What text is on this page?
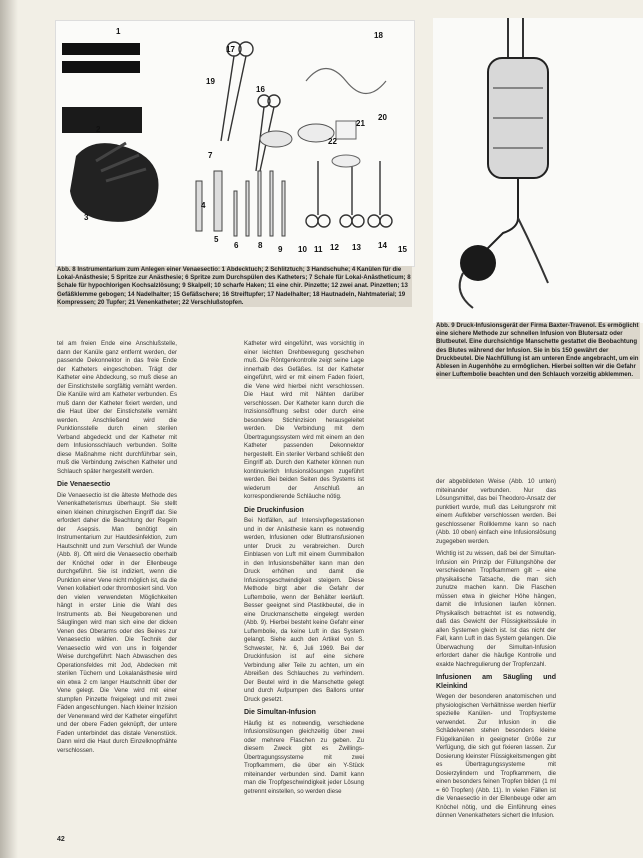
1
2
3
4
5
6
7
8 9 10 11 12 13 14 15
16
17
18
19
20
21
22
Abb. 8 Instrumentarium zum Anlegen einer Venaesectio: 1 Abdecktuch; 2 Schlitztuch; 3 Handschuhe; 4 Kanülen für die Lokal-Anästhesie; 5 Spritze zur Anästhesie; 6 Spritze zum Durchspülen des Katheters; 7 Schale für Lokal-Anästheticum; 8 Schale für hypochlorigen Kochsalzlösung; 9 Skalpell; 10 scharfe Haken; 11 eine chir. Pinzette; 12 zwei anat. Pinzetten; 13 Gefäßklemme gebogen; 14 Nadelhalter; 15 Gefäßschere; 16 Streiftupfer; 17 Nadelhalter; 18 Hautnadeln, Nahtmaterial; 19 Kompressen; 20 Tupfer; 21 Venenkatheter; 22 Verschlußstopfen.
Abb. 9 Druck-Infusionsgerät der Firma Baxter-Travenol. Es ermöglicht eine sichere Methode zur schnellen Infusion von Blutersatz oder Blutbeutel. Eine durchsichtige Manschette gestattet die Beobachtung des Blutes während der Infusion. Sie in bis 150 gewährt der Druckbeutel. Die Nachfüllung ist am unteren Ende angebracht, um ein Ablesen in Augenhöhe zu ermöglichen. Hierbei sollten wir die Gefahr einer Luftembolie beachten und den Schlauch vorzeitig abklemmen.

tel am freien Ende eine Anschlußstelle, dann der Kanüle ganz entfernt werden, der passende Dekonnektor in das freie Ende der Katheters eingeschoben. Trägt der Katheter eine Abdeckung, so muß diese an der Einstichstelle sorgfältig vernäht werden. Die Kanüle wird am Katheter verbunden. Es muß dann der Katheter fixiert werden, und die Haut über der Einstichstelle vernäht werden. Anschließend wird die Punktionsstelle durch einen sterilen Verband abgedeckt und der Katheter mit dem Infusionsschlauch verbunden. Sollte diese Maßnahme nicht durchführbar sein, muß die Verbindung zwischen Katheter und Schlauch später hergestellt werden.

Die Venaesectio

Die Venaesectio ist die älteste Methode des Venenkatheterismus überhaupt. Sie stellt einen kleinen chirurgischen Eingriff dar. Sie erfordert daher die Beachtung der Regeln der Asepsis. Man benötigt ein Instrumentarium zur Hautdesinfektion, zum Hautschnitt und zum Verschluß der Wunde (Abb. 8). Oft wird die Venaesectio oberhalb der Knöchel oder in der Ellenbeuge durchgeführt. Sie ist indiziert, wenn die Punktion einer Vene nicht möglich ist, da die Venen kollabiert oder thrombosiert sind. Von den vielen verwendeten Möglichkeiten hängt in erster Linie die Wahl des Instruments ab. Bei Neugeborenen und Säuglingen wird man sich eine der dicken Venen des Oberarms oder des Beines zur Venaesectio wählen. Die Technik der Venaesectio wird von uns in folgender Weise durchgeführt: Nach Abwaschen des Operationsfeldes mit Jod, Abdecken mit sterilen Tüchern und Lokalanästhesie wird ein etwa 2 cm langer Hautschnitt über der Vene gelegt. Die Vene wird mit einer stumpfen Pinzette freigelegt und mit zwei Fäden angeschlungen. Nach kleiner Inzision der Venenwand wird der Katheter eingeführt und der obere Faden geknüpft, der untere Faden unterbindet das distale Venenstück. Dann wird die Haut durch Einzelknopfnähte verschlossen.

Katheter wird eingeführt, was vorsichtig in einer leichten Drehbewegung geschehen muß. Die Röntgenkontrolle zeigt seine Lage innerhalb des Gefäßes. Ist der Katheter eingeführt, wird er mit einem Faden fixiert, die Vene wird hierbei nicht verschlossen. Die Haut wird mit Nähten darüber verschlossen. Der Katheter kann durch die Inzisionsöffnung selbst oder durch eine besondere Stichinzision herausgeleitet werden. Die Verbindung mit dem Übertragungssystem wird mit einem an den Katheter passenden Dekonnektor hergestellt. Ein steriler Verband schließt den Eingriff ab. Durch den Katheter können nun kontinuierlich Infusionslösungen zugeführt werden. Bei beiden Seiten des Systems ist wiederum der Anschluß an korrespondierende Schläuche nötig.

Die Druckinfusion

Bei Notfällen, auf Intensivpflegestationen und in der Anästhesie kann es notwendig werden, Infusionen oder Bluttransfusionen unter Druck zu verabreichen. Durch Einblasen von Luft mit einem Gummiballon in den Infusionsbehälter kann man den Druck erhöhen und damit die Infusionsgeschwindigkeit steigern. Diese Methode birgt aber die Gefahr der Luftembolie, wenn der Behälter leerläuft. Besser geeignet sind Plastikbeutel, die in eine Druckmanschette eingelegt werden (Abb. 9). Hierbei besteht keine Gefahr einer Luftembolie, da keine Luft in das System gelangt. Siehe auch den Artikel von S. Schwester, Nr. 6, Juli 1969. Bei der Druckinfusion ist auf eine sichere Verbindung aller Teile zu achten, um ein Abreißen des Schlauches zu verhindern. Der Beutel wird in die Manschette gelegt und durch Aufpumpen des Ballons unter Druck gesetzt.

Die Simultan-Infusion

Häufig ist es notwendig, verschiedene Infusionslösungen gleichzeitig über zwei oder mehrere Flaschen zu geben. Zu diesem Zweck gibt es Zwillings-Übertragungssysteme mit zwei Tropfkammern, die über ein Y-Stück miteinander verbunden sind. Damit kann man die Tropfgeschwindigkeit jeder Lösung getrennt einstellen, so werden diese

der abgebildeten Weise (Abb. 10 unten) miteinander verbunden. Nur das Lösungsmittel, das bei Theodoro-Ansatz der punktiert wurde, muß das Leitungsrohr mit einem Aufkleber verschlossen werden. Bei geschlossener Rollklemme kann so nach (Abb. 10 oben) einfach eine Infusionslösung zugegeben werden.

Wichtig ist zu wissen, daß bei der Simultan-Infusion ein Prinzip der Füllungshöhe der verschiedenen Tropfkammern gilt – eine physikalische Tatsache, die man sich zunutze machen kann. Die Flaschen müssen etwa in gleicher Höhe hängen, damit die Infusionen laufen können. Physikalisch betrachtet ist es notwendig, daß das Gewicht der Flüssigkeitssäule in allen Systemen gleich ist. Ist das nicht der Fall, kann Luft in das System gelangen. Die Überwachung der Simultan-Infusion erfordert daher die häufige Kontrolle und exakte Nachregulierung der Tropfenzahl.

Infusionen am Säugling und Kleinkind

Wegen der besonderen anatomischen und physiologischen Verhältnisse werden hierfür spezielle Kanülen- und Tropfsysteme verwendet. Zur Infusion in die Schädelvenen stehen besonders kleine Flügelkanülen in geeigneter Größe zur Verfügung, die sich gut fixieren lassen. Zur Dosierung kleinster Flüssigkeitsmengen gibt es Übertragungssysteme mit Dosierzylindern und Tropfkammern, die einen besonders feinen Tropfen bilden (1 ml = 60 Tropfen) (Abb. 11). In vielen Fällen ist die Venaesectio in der Ellenbeuge oder am Knöchel nötig, und die Einführung eines dünnen Venenkatheters sichert die Infusion.

42
